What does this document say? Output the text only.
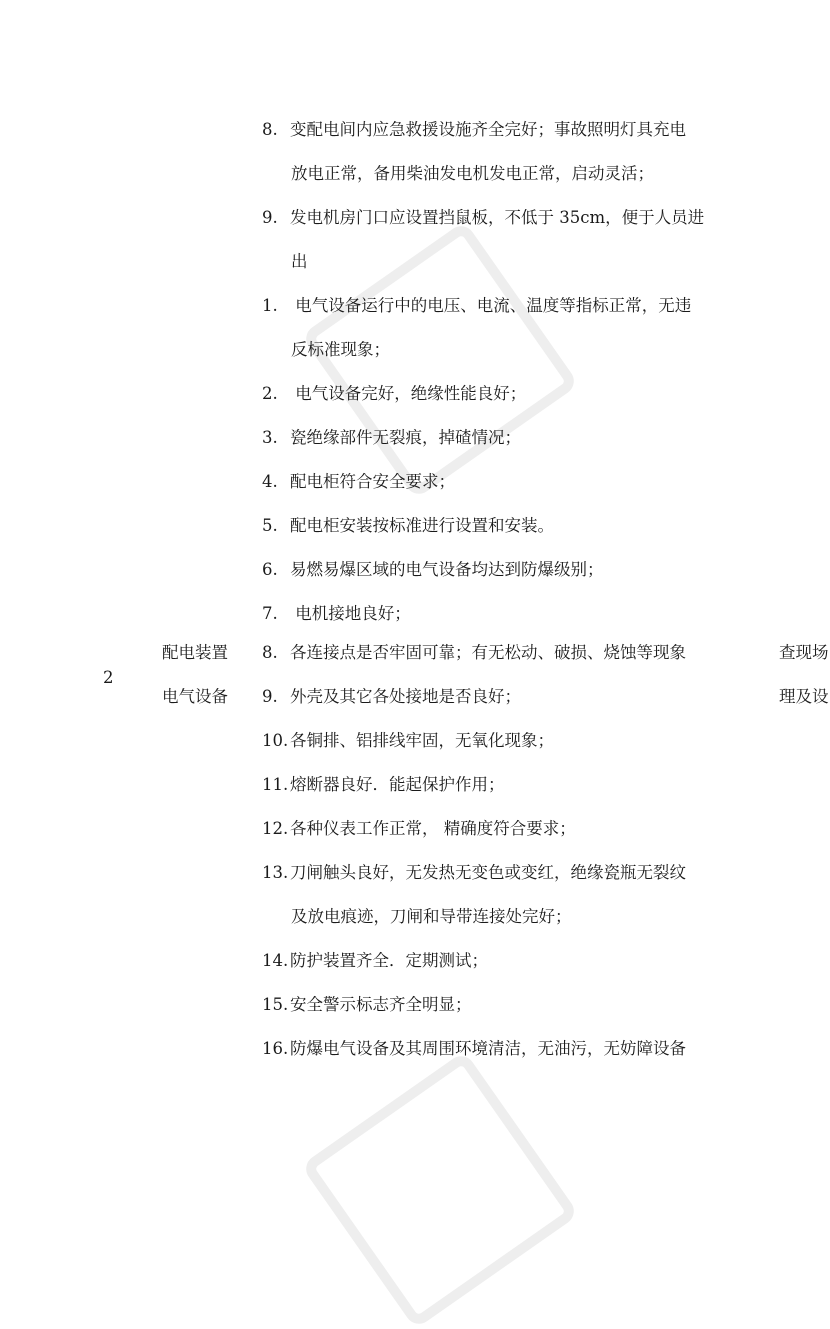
8. 变配电间内应急救援设施齐全完好；事故照明灯具充电
放电正常，备用柴油发电机发电正常，启动灵活；
9. 发电机房门口应设置挡鼠板，不低于 35cm，便于人员进
出
1. 电气设备运行中的电压、电流、温度等指标正常，无违
反标准现象；
2. 电气设备完好，绝缘性能良好；
3. 瓷绝缘部件无裂痕，掉碴情况；
4. 配电柜符合安全要求；
5. 配电柜安装按标准进行设置和安装。
6. 易燃易爆区域的电气设备均达到防爆级别；
7. 电机接地良好；
8. 各连接点是否牢固可靠；有无松动、破损、烧蚀等现象
9. 外壳及其它各处接地是否良好；
10. 各铜排、铝排线牢固，无氧化现象；
11. 熔断器良好．能起保护作用；
12. 各种仪表工作正常， 精确度符合要求；
13. 刀闸触头良好，无发热无变色或变红，绝缘瓷瓶无裂纹
及放电痕迹，刀闸和导带连接处完好；
14. 防护装置齐全．定期测试；
15. 安全警示标志齐全明显；
16. 防爆电气设备及其周围环境清洁，无油污，无妨障设备
2
配电装置
电气设备
查现场
理及设
